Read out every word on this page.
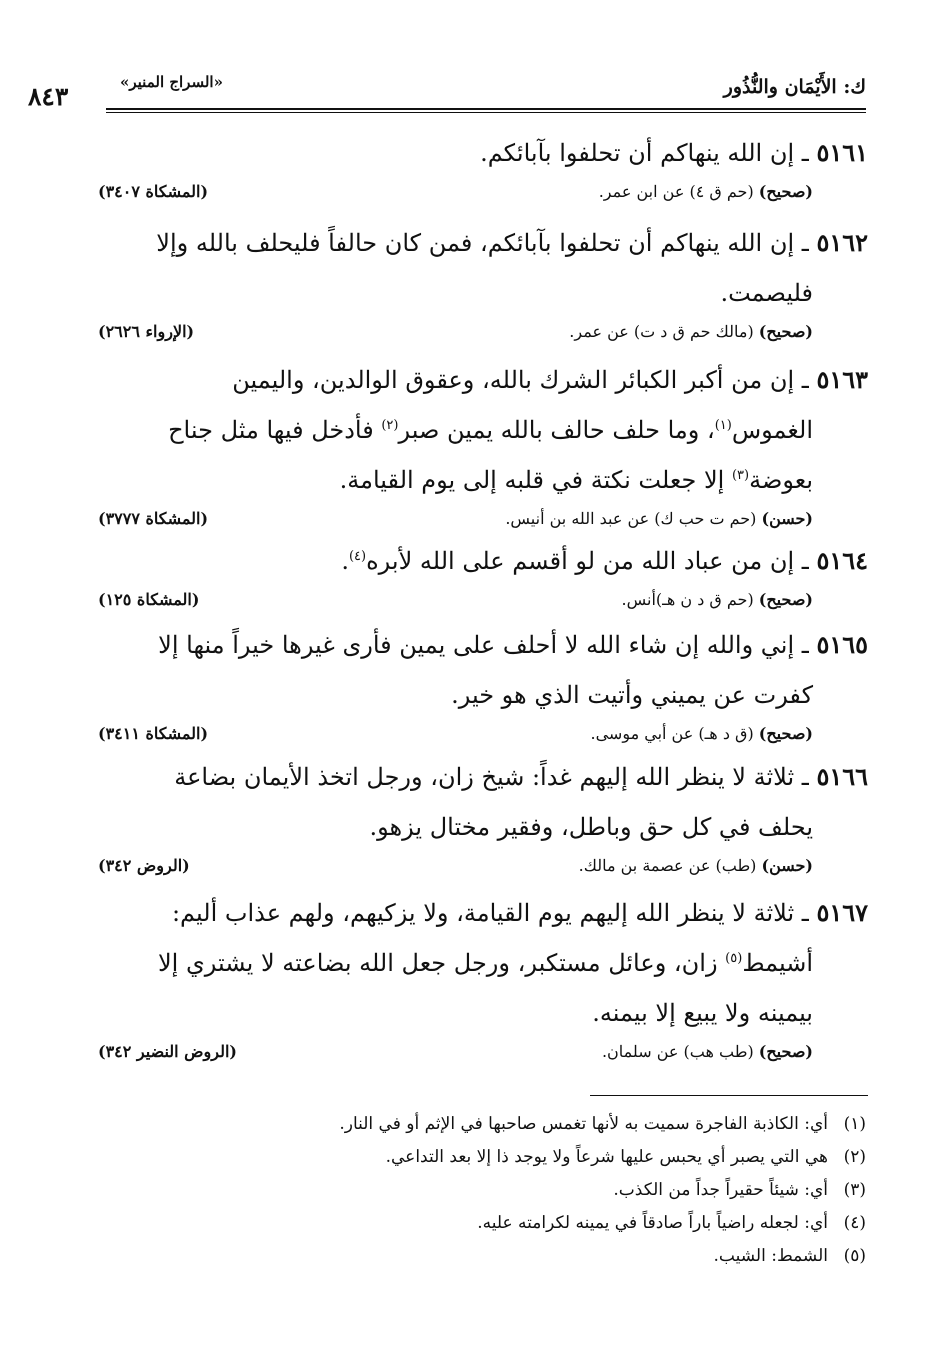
ك: الأَيْمَان والنُّذُور
«السراج المنير»
٨٤٣
٥١٦١ ـ إن الله ينهاكم أن تحلفوا بآبائكم.
(صحيح) (حم ق ٤) عن ابن عمر.
(المشكاة ٣٤٠٧)
٥١٦٢ ـ إن الله ينهاكم أن تحلفوا بآبائكم، فمن كان حالفاً فليحلف بالله وإلا
فليصمت.
(صحيح) (مالك حم ق د ت) عن عمر.
(الإرواء ٢٦٢٦)
٥١٦٣ ـ إن من أكبر الكبائر الشرك بالله، وعقوق الوالدين، واليمين
الغموس$^{(١)}$، وما حلف حالف بالله يمين صبر$^{(٢)}$ فأدخل فيها مثل جناح
بعوضة$^{(٣)}$ إلا جعلت نكتة في قلبه إلى يوم القيامة.
(حسن) (حم ت حب ك) عن عبد الله بن أنيس.
(المشكاة ٣٧٧٧)
٥١٦٤ ـ إن من عباد الله من لو أقسم على الله لأبره$^{(٤)}$.
(صحيح) (حم ق د ن هـ)أنس.
(المشكاة ١٢٥)
٥١٦٥ ـ إني والله إن شاء الله لا أحلف على يمين فأرى غيرها خيراً منها إلا
كفرت عن يميني وأتيت الذي هو خير.
(صحيح) (ق د هـ) عن أبي موسى.
(المشكاة ٣٤١١)
٥١٦٦ ـ ثلاثة لا ينظر الله إليهم غداً: شيخ زان، ورجل اتخذ الأيمان بضاعة
يحلف في كل حق وباطل، وفقير مختال يزهو.
(حسن) (طب) عن عصمة بن مالك.
(الروض ٣٤٢)
٥١٦٧ ـ ثلاثة لا ينظر الله إليهم يوم القيامة، ولا يزكيهم، ولهم عذاب أليم:
أشيمط$^{(٥)}$ زان، وعائل مستكبر، ورجل جعل الله بضاعته لا يشتري إلا
بيمينه ولا يبيع إلا بيمنه.
(صحيح) (طب هب) عن سلمان.
(الروض النضير ٣٤٢)
(١)أي: الكاذبة الفاجرة سميت به لأنها تغمس صاحبها في الإثم أو في النار.
(٢)هي التي يصبر أي يحبس عليها شرعاً ولا يوجد ذا إلا بعد التداعي.
(٣)أي: شيئاً حقيراً جداً من الكذب.
(٤)أي: لجعله راضياً باراً صادقاً في يمينه لكرامته عليه.
(٥)الشمط: الشيب.
